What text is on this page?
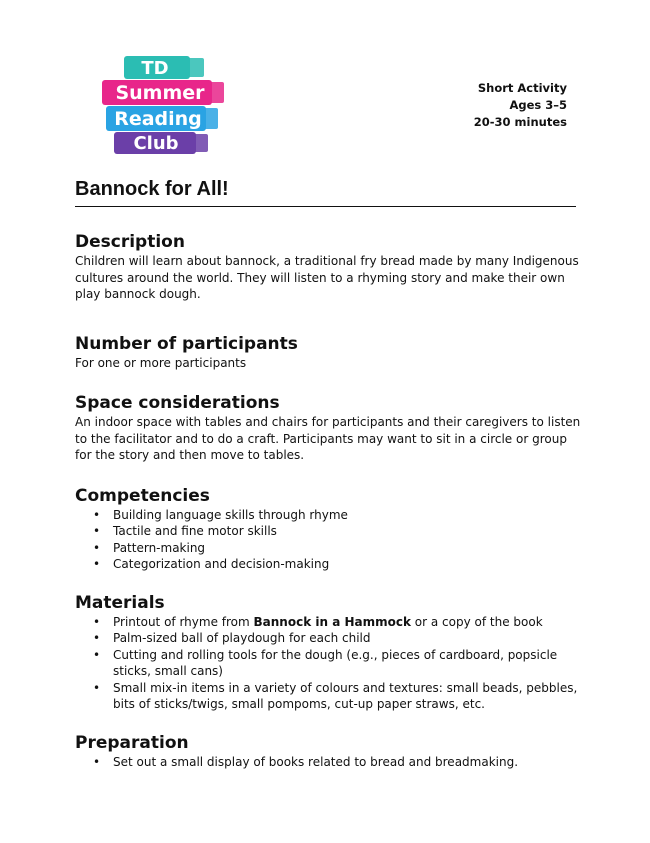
TD
Summer
Reading
Club
Short Activity
Ages 3–5
20-30 minutes
Bannock for All!
Description

Children will learn about bannock, a traditional fry bread made by many Indigenous cultures around the world. They will listen to a rhyming story and make their own play bannock dough.

Number of participants

For one or more participants

Space considerations

An indoor space with tables and chairs for participants and their caregivers to listen to the facilitator and to do a craft. Participants may want to sit in a circle or group for the story and then move to tables.

Competencies
• Building language skills through rhyme
• Tactile and fine motor skills
• Pattern-making
• Categorization and decision-making
Materials
• Printout of rhyme from Bannock in a Hammock or a copy of the book
• Palm-sized ball of playdough for each child
• Cutting and rolling tools for the dough (e.g., pieces of cardboard, popsicle sticks, small cans)
• Small mix-in items in a variety of colours and textures: small beads, pebbles, bits of sticks/twigs, small pompoms, cut-up paper straws, etc.
Preparation
• Set out a small display of books related to bread and breadmaking.
